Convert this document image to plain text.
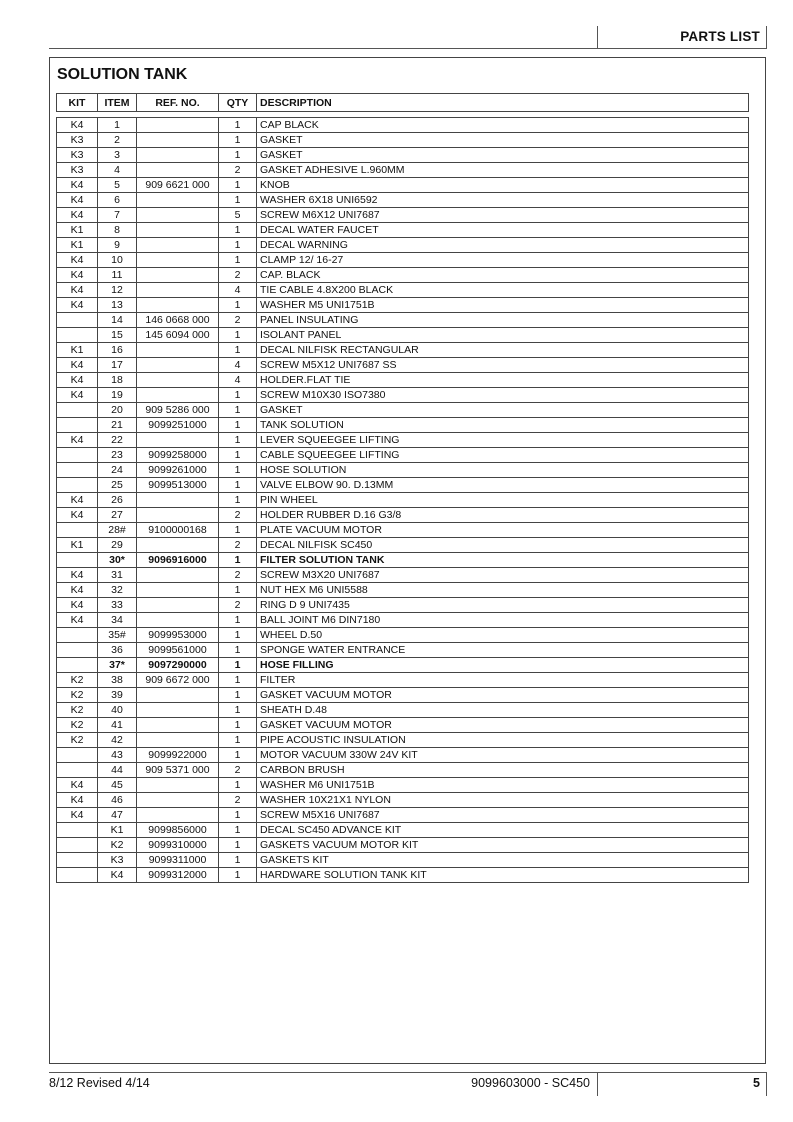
PARTS LIST
SOLUTION TANK
KIT	ITEM	REF. NO.	QTY	DESCRIPTION
K4	1		1	CAP BLACK
K3	2		1	GASKET
K3	3		1	GASKET
K3	4		2	GASKET ADHESIVE L.960MM
K4	5	909 6621 000	1	KNOB
K4	6		1	WASHER 6X18 UNI6592
K4	7		5	SCREW M6X12 UNI7687
K1	8		1	DECAL WATER FAUCET
K1	9		1	DECAL WARNING
K4	10		1	CLAMP 12/ 16-27
K4	11		2	CAP. BLACK
K4	12		4	TIE CABLE 4.8X200 BLACK
K4	13		1	WASHER M5 UNI1751B
	14	146 0668 000	2	PANEL INSULATING
	15	145 6094 000	1	ISOLANT PANEL
K1	16		1	DECAL NILFISK RECTANGULAR
K4	17		4	SCREW M5X12 UNI7687 SS
K4	18		4	HOLDER.FLAT TIE
K4	19		1	SCREW M10X30 ISO7380
	20	909 5286 000	1	GASKET
	21	9099251000	1	TANK SOLUTION
K4	22		1	LEVER SQUEEGEE LIFTING
	23	9099258000	1	CABLE SQUEEGEE LIFTING
	24	9099261000	1	HOSE SOLUTION
	25	9099513000	1	VALVE ELBOW 90. D.13MM
K4	26		1	PIN WHEEL
K4	27		2	HOLDER RUBBER D.16 G3/8
	28#	9100000168	1	PLATE VACUUM MOTOR
K1	29		2	DECAL NILFISK SC450
	30*	9096916000	1	FILTER SOLUTION TANK
K4	31		2	SCREW M3X20 UNI7687
K4	32		1	NUT HEX M6 UNI5588
K4	33		2	RING D 9 UNI7435
K4	34		1	BALL JOINT M6 DIN7180
	35#	9099953000	1	WHEEL D.50
	36	9099561000	1	SPONGE WATER ENTRANCE
	37*	9097290000	1	HOSE FILLING
K2	38	909 6672 000	1	FILTER
K2	39		1	GASKET VACUUM MOTOR
K2	40		1	SHEATH D.48
K2	41		1	GASKET VACUUM MOTOR
K2	42		1	PIPE ACOUSTIC INSULATION
	43	9099922000	1	MOTOR VACUUM 330W 24V KIT
	44	909 5371 000	2	CARBON BRUSH
K4	45		1	WASHER M6 UNI1751B
K4	46		2	WASHER 10X21X1 NYLON
K4	47		1	SCREW M5X16 UNI7687
	K1	9099856000	1	DECAL SC450 ADVANCE KIT
	K2	9099310000	1	GASKETS VACUUM MOTOR KIT
	K3	9099311000	1	GASKETS KIT
	K4	9099312000	1	HARDWARE SOLUTION TANK KIT
8/12 Revised 4/14	9099603000 - SC450	5
